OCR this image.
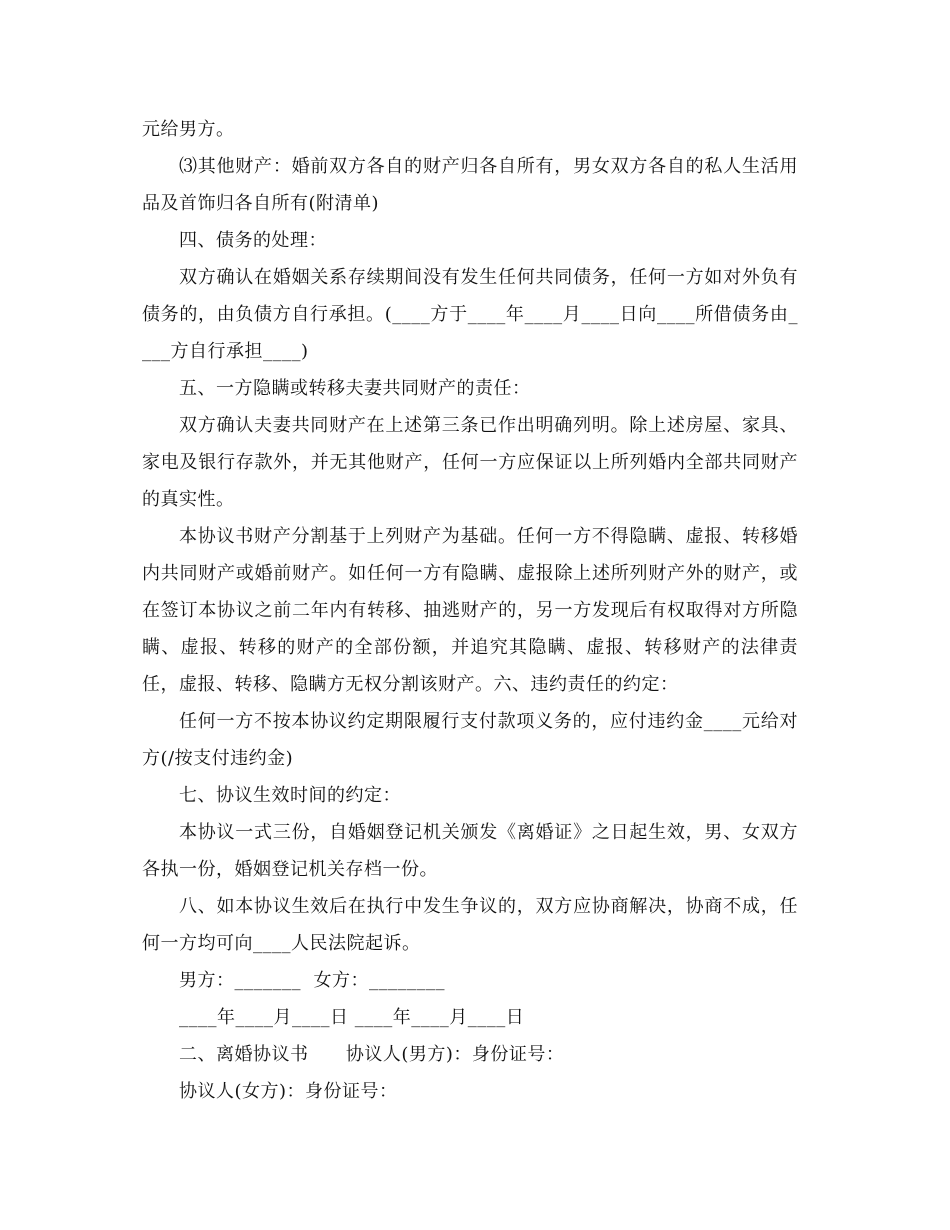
元给男方。

⑶其他财产：婚前双方各自的财产归各自所有，男女双方各自的私人生活用品及首饰归各自所有(附清单)

四、债务的处理：

双方确认在婚姻关系存续期间没有发生任何共同债务，任何一方如对外负有债务的，由负债方自行承担。(____方于____年____月____日向____所借债务由____方自行承担____)

五、一方隐瞒或转移夫妻共同财产的责任：

双方确认夫妻共同财产在上述第三条已作出明确列明。除上述房屋、家具、家电及银行存款外，并无其他财产，任何一方应保证以上所列婚内全部共同财产的真实性。

本协议书财产分割基于上列财产为基础。任何一方不得隐瞒、虚报、转移婚内共同财产或婚前财产。如任何一方有隐瞒、虚报除上述所列财产外的财产，或在签订本协议之前二年内有转移、抽逃财产的，另一方发现后有权取得对方所隐瞒、虚报、转移的财产的全部份额，并追究其隐瞒、虚报、转移财产的法律责任，虚报、转移、隐瞒方无权分割该财产。六、违约责任的约定：

任何一方不按本协议约定期限履行支付款项义务的，应付违约金____元给对方(/按支付违约金)

七、协议生效时间的约定：

本协议一式三份，自婚姻登记机关颁发《离婚证》之日起生效，男、女双方各执一份，婚姻登记机关存档一份。

八、如本协议生效后在执行中发生争议的，双方应协商解决，协商不成，任何一方均可向____人民法院起诉。

男方：_______  女方：________

____年____月____日 ____年____月____日

二、离婚协议书      协议人(男方)：身份证号：

协议人(女方)：身份证号：
